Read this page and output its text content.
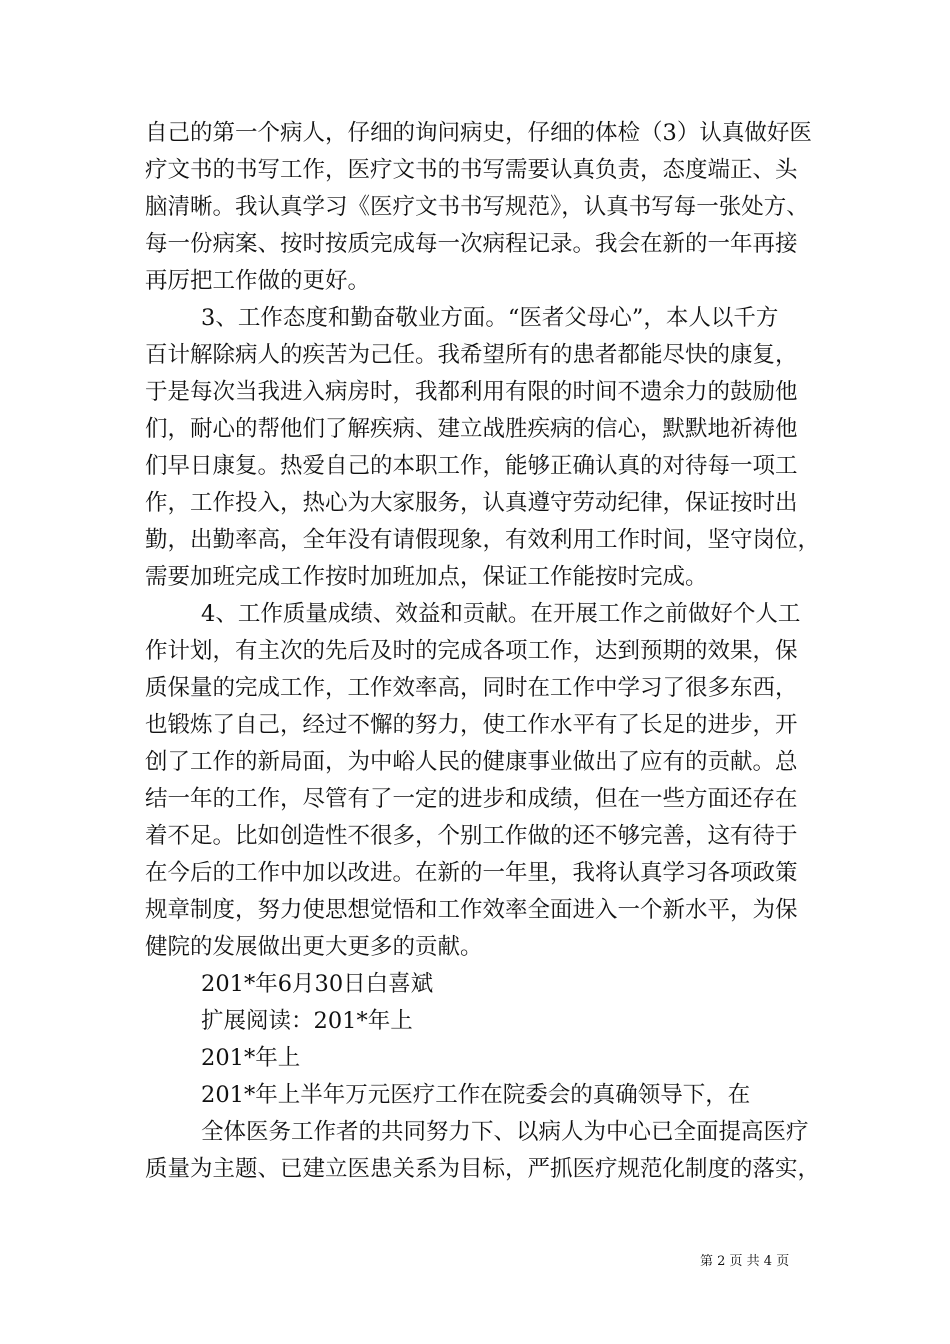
自己的第一个病人，仔细的询问病史，仔细的体检（3）认真做好医
疗文书的书写工作，医疗文书的书写需要认真负责，态度端正、头
脑清晰。我认真学习《医疗文书书写规范》，认真书写每一张处方、
每一份病案、按时按质完成每一次病程记录。我会在新的一年再接
再厉把工作做的更好。
3、工作态度和勤奋敬业方面。“医者父母心”，本人以千方
百计解除病人的疾苦为己任。我希望所有的患者都能尽快的康复，
于是每次当我进入病房时，我都利用有限的时间不遗余力的鼓励他
们，耐心的帮他们了解疾病、建立战胜疾病的信心，默默地祈祷他
们早日康复。热爱自己的本职工作，能够正确认真的对待每一项工
作，工作投入，热心为大家服务，认真遵守劳动纪律，保证按时出
勤，出勤率高，全年没有请假现象，有效利用工作时间，坚守岗位，
需要加班完成工作按时加班加点，保证工作能按时完成。
4、工作质量成绩、效益和贡献。在开展工作之前做好个人工
作计划，有主次的先后及时的完成各项工作，达到预期的效果，保
质保量的完成工作，工作效率高，同时在工作中学习了很多东西，
也锻炼了自己，经过不懈的努力，使工作水平有了长足的进步，开
创了工作的新局面，为中峪人民的健康事业做出了应有的贡献。总
结一年的工作，尽管有了一定的进步和成绩，但在一些方面还存在
着不足。比如创造性不很多，个别工作做的还不够完善，这有待于
在今后的工作中加以改进。在新的一年里，我将认真学习各项政策
规章制度，努力使思想觉悟和工作效率全面进入一个新水平，为保
健院的发展做出更大更多的贡献。
201*年6月30日白喜斌
扩展阅读：201*年上
201*年上
201*年上半年万元医疗工作在院委会的真确领导下，在
全体医务工作者的共同努力下、以病人为中心已全面提高医疗
质量为主题、已建立医患关系为目标，严抓医疗规范化制度的落实，
第 2 页 共 4 页
